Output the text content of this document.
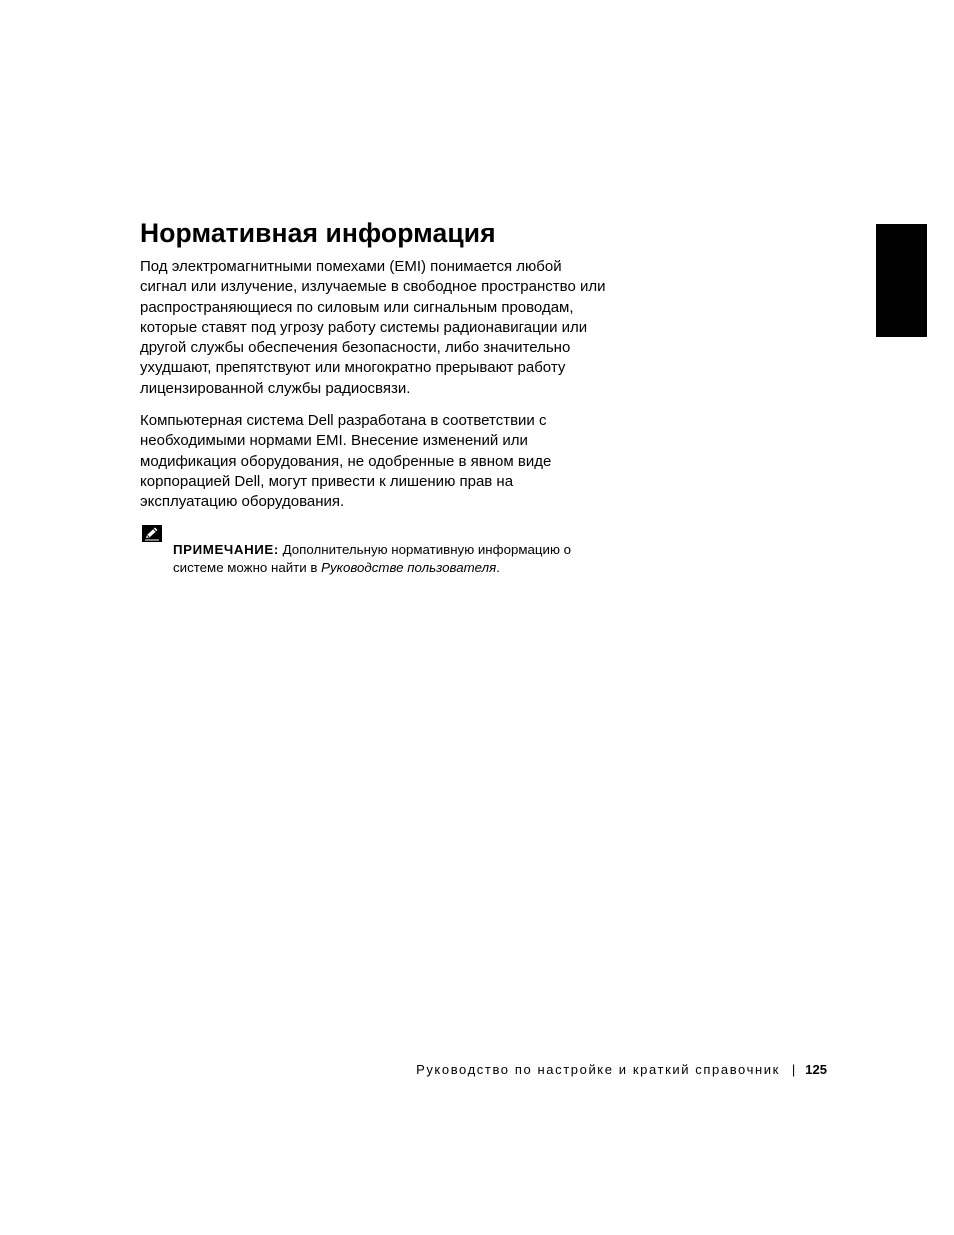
Нормативная информация

Под электромагнитными помехами (EMI) понимается любой
сигнал или излучение, излучаемые в свободное пространство или
распространяющиеся по силовым или сигнальным проводам,
которые ставят под угрозу работу системы радионавигации или
другой службы обеспечения безопасности, либо значительно
ухудшают, препятствуют или многократно прерывают работу
лицензированной службы радиосвязи.

Компьютерная система Dell разработана в соответствии с
необходимыми нормами EMI. Внесение изменений или
модификация оборудования, не одобренные в явном виде
корпорацией Dell, могут привести к лишению прав на
эксплуатацию оборудования.

ПРИМЕЧАНИЕ: Дополнительную нормативную информацию о
системе можно найти в Руководстве пользователя.

Руководство по настройке и краткий справочник | 125
